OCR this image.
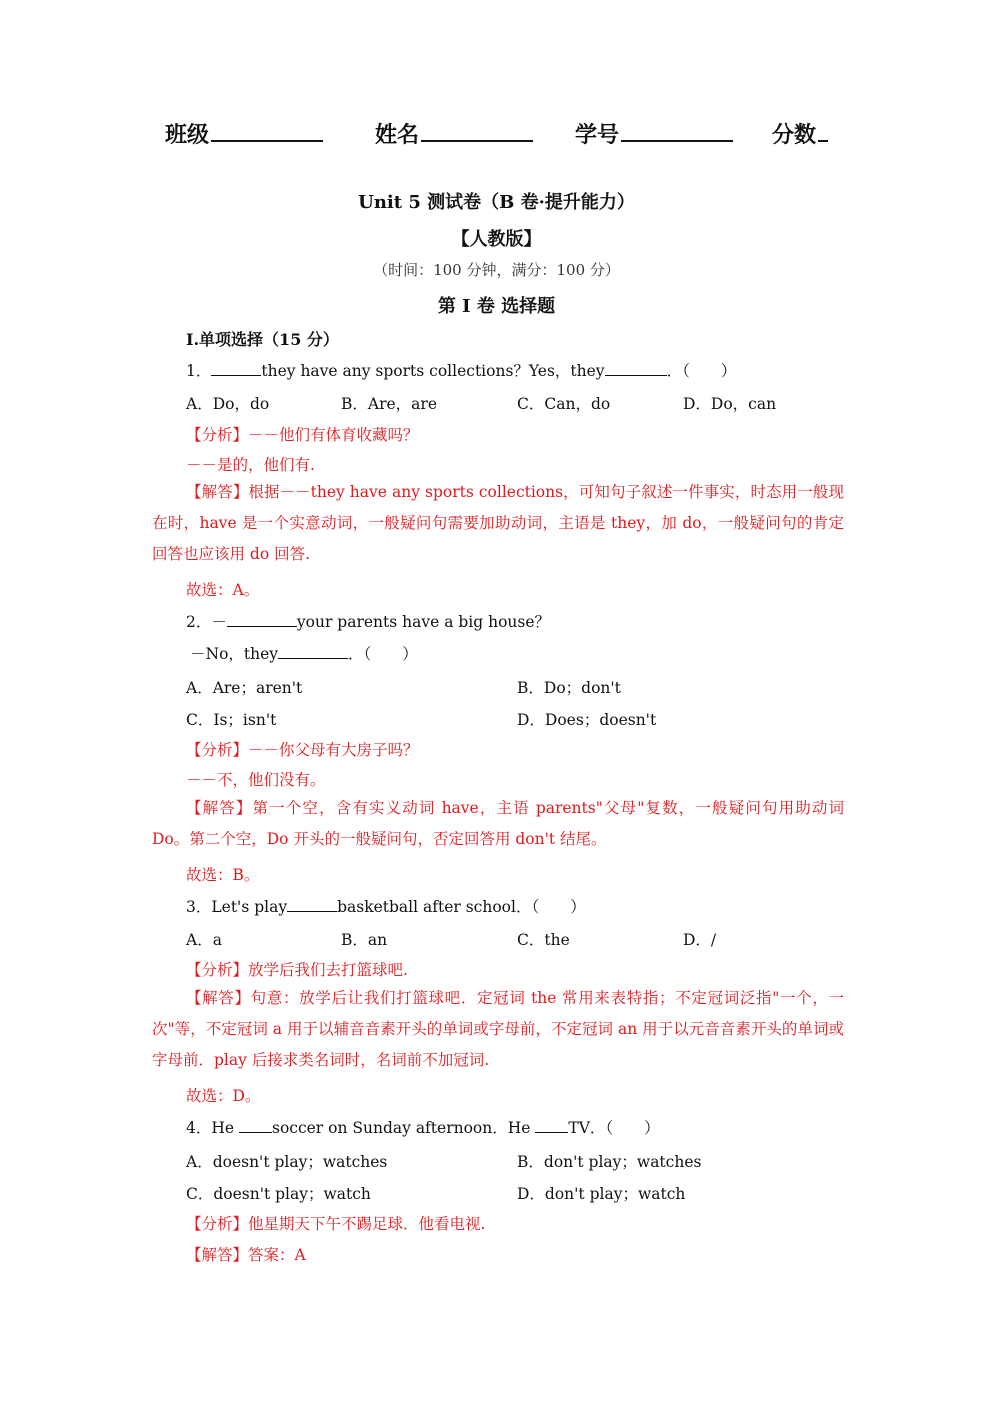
班级	姓名	学号	分数
Unit 5 测试卷（B 卷·提升能力）
【人教版】
（时间：100 分钟，满分：100 分）
第 I 卷 选择题
I.单项选择（15 分）
1．	they have any sports collections？Yes，they	．（　　）
A．Do，do	B．Are，are	C．Can，do	D．Do，can
【分析】－－他们有体育收藏吗？
－－是的，他们有.
【解答】根据－－they have any sports collections，可知句子叙述一件事实，时态用一般现在时，have 是一个实意动词，一般疑问句需要加助动词，主语是 they，加 do，一般疑问句的肯定回答也应该用 do 回答.
故选：A。
2．－	your parents have a big house？
－No，they	．（　　）
A．Are；aren't	B．Do；don't
C．Is；isn't	D．Does；doesn't
【分析】－－你父母有大房子吗？
－－不，他们没有。
【解答】第一个空，含有实义动词 have，主语 parents"父母"复数，一般疑问句用助动词 Do。第二个空，Do 开头的一般疑问句，否定回答用 don't 结尾。
故选：B。
3．Let's play	basketball after school．（　　）
A．a	B．an	C．the	D．/
【分析】放学后我们去打篮球吧.
【解答】句意：放学后让我们打篮球吧．定冠词 the 常用来表特指；不定冠词泛指"一个，一次"等，不定冠词 a 用于以辅音音素开头的单词或字母前，不定冠词 an 用于以元音音素开头的单词或字母前．play 后接求类名词时，名词前不加冠词.
故选：D。
4．He soccer on Sunday afternoon．He TV．（　　）
A．doesn't play；watches	B．don't play；watches
C．doesn't play；watch	D．don't play；watch
【分析】他星期天下午不踢足球．他看电视.
【解答】答案：A
